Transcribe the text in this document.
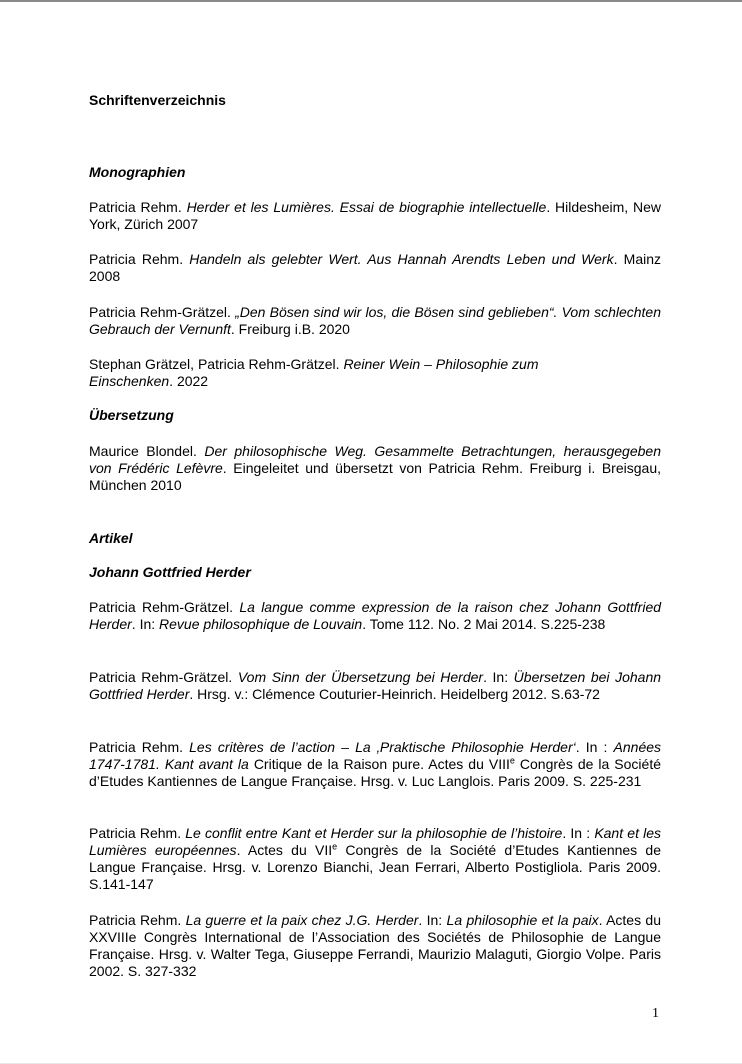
Schriftenverzeichnis
Monographien

Patricia Rehm. Herder et les Lumières. Essai de biographie intellectuelle. Hildesheim, New York, Zürich 2007

Patricia Rehm. Handeln als gelebter Wert. Aus Hannah Arendts Leben und Werk. Mainz 2008

Patricia Rehm-Grätzel. „Den Bösen sind wir los, die Bösen sind geblieben“. Vom schlechten Gebrauch der Vernunft. Freiburg i.B. 2020

Stephan Grätzel, Patricia Rehm-Grätzel. Reiner Wein – Philosophie zum Einschenken. 2022

Übersetzung

Maurice Blondel. Der philosophische Weg. Gesammelte Betrachtungen, herausgegeben von Frédéric Lefèvre. Eingeleitet und übersetzt von Patricia Rehm. Freiburg i. Breisgau, München 2010

Artikel
Johann Gottfried Herder

Patricia Rehm-Grätzel. La langue comme expression de la raison chez Johann Gottfried Herder. In: Revue philosophique de Louvain. Tome 112. No. 2 Mai 2014. S.225-238

Patricia Rehm-Grätzel. Vom Sinn der Übersetzung bei Herder. In: Übersetzen bei Johann Gottfried Herder. Hrsg. v.: Clémence Couturier-Heinrich. Heidelberg 2012. S.63-72

Patricia Rehm. Les critères de l’action – La ‚Praktische Philosophie Herder‘. In : Années 1747-1781. Kant avant la Critique de la Raison pure. Actes du VIIIe Congrès de la Société d’Etudes Kantiennes de Langue Française. Hrsg. v. Luc Langlois. Paris 2009. S. 225-231

Patricia Rehm. Le conflit entre Kant et Herder sur la philosophie de l’histoire. In : Kant et les Lumières européennes. Actes du VIIe Congrès de la Société d’Etudes Kantiennes de Langue Française. Hrsg. v. Lorenzo Bianchi, Jean Ferrari, Alberto Postigliola. Paris 2009. S.141-147

Patricia Rehm. La guerre et la paix chez J.G. Herder. In: La philosophie et la paix. Actes du XXVIIIe Congrès International de l’Association des Sociétés de Philosophie de Langue Française. Hrsg. v. Walter Tega, Giuseppe Ferrandi, Maurizio Malaguti, Giorgio Volpe. Paris 2002. S. 327-332

1
